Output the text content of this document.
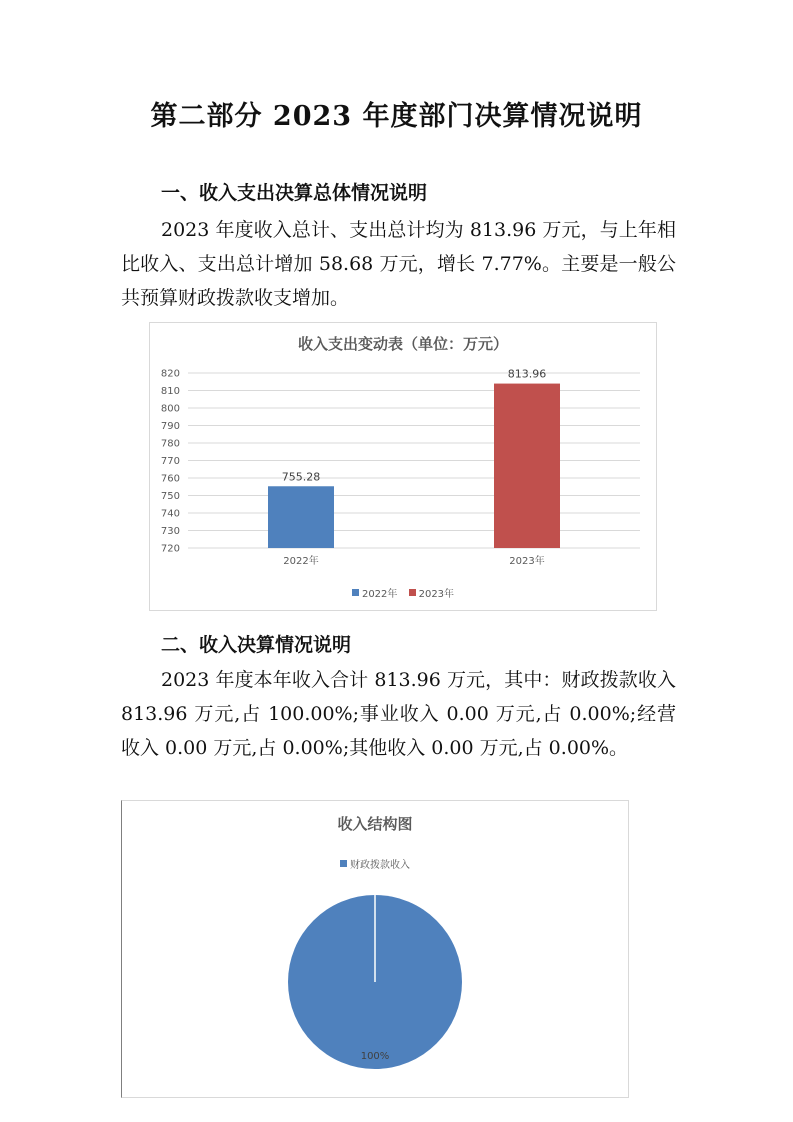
第二部分 2023 年度部门决算情况说明
一、收入支出决算总体情况说明

2023 年度收入总计、支出总计均为 813.96 万元，与上年相比收入、支出总计增加 58.68 万元，增长 7.77%。主要是一般公共预算财政拨款收支增加。

收入支出变动表（单位：万元）
720
730
740
750
760
770
780
790
800
810
820
755.28
2022年
813.96
2023年
2022年
2023年
二、收入决算情况说明

2023 年度本年收入合计 813.96 万元，其中：财政拨款收入 813.96 万元,占 100.00%;事业收入 0.00 万元,占 0.00%;经营收入 0.00 万元,占 0.00%;其他收入 0.00 万元,占 0.00%。

收入结构图
财政拨款收入
100%
